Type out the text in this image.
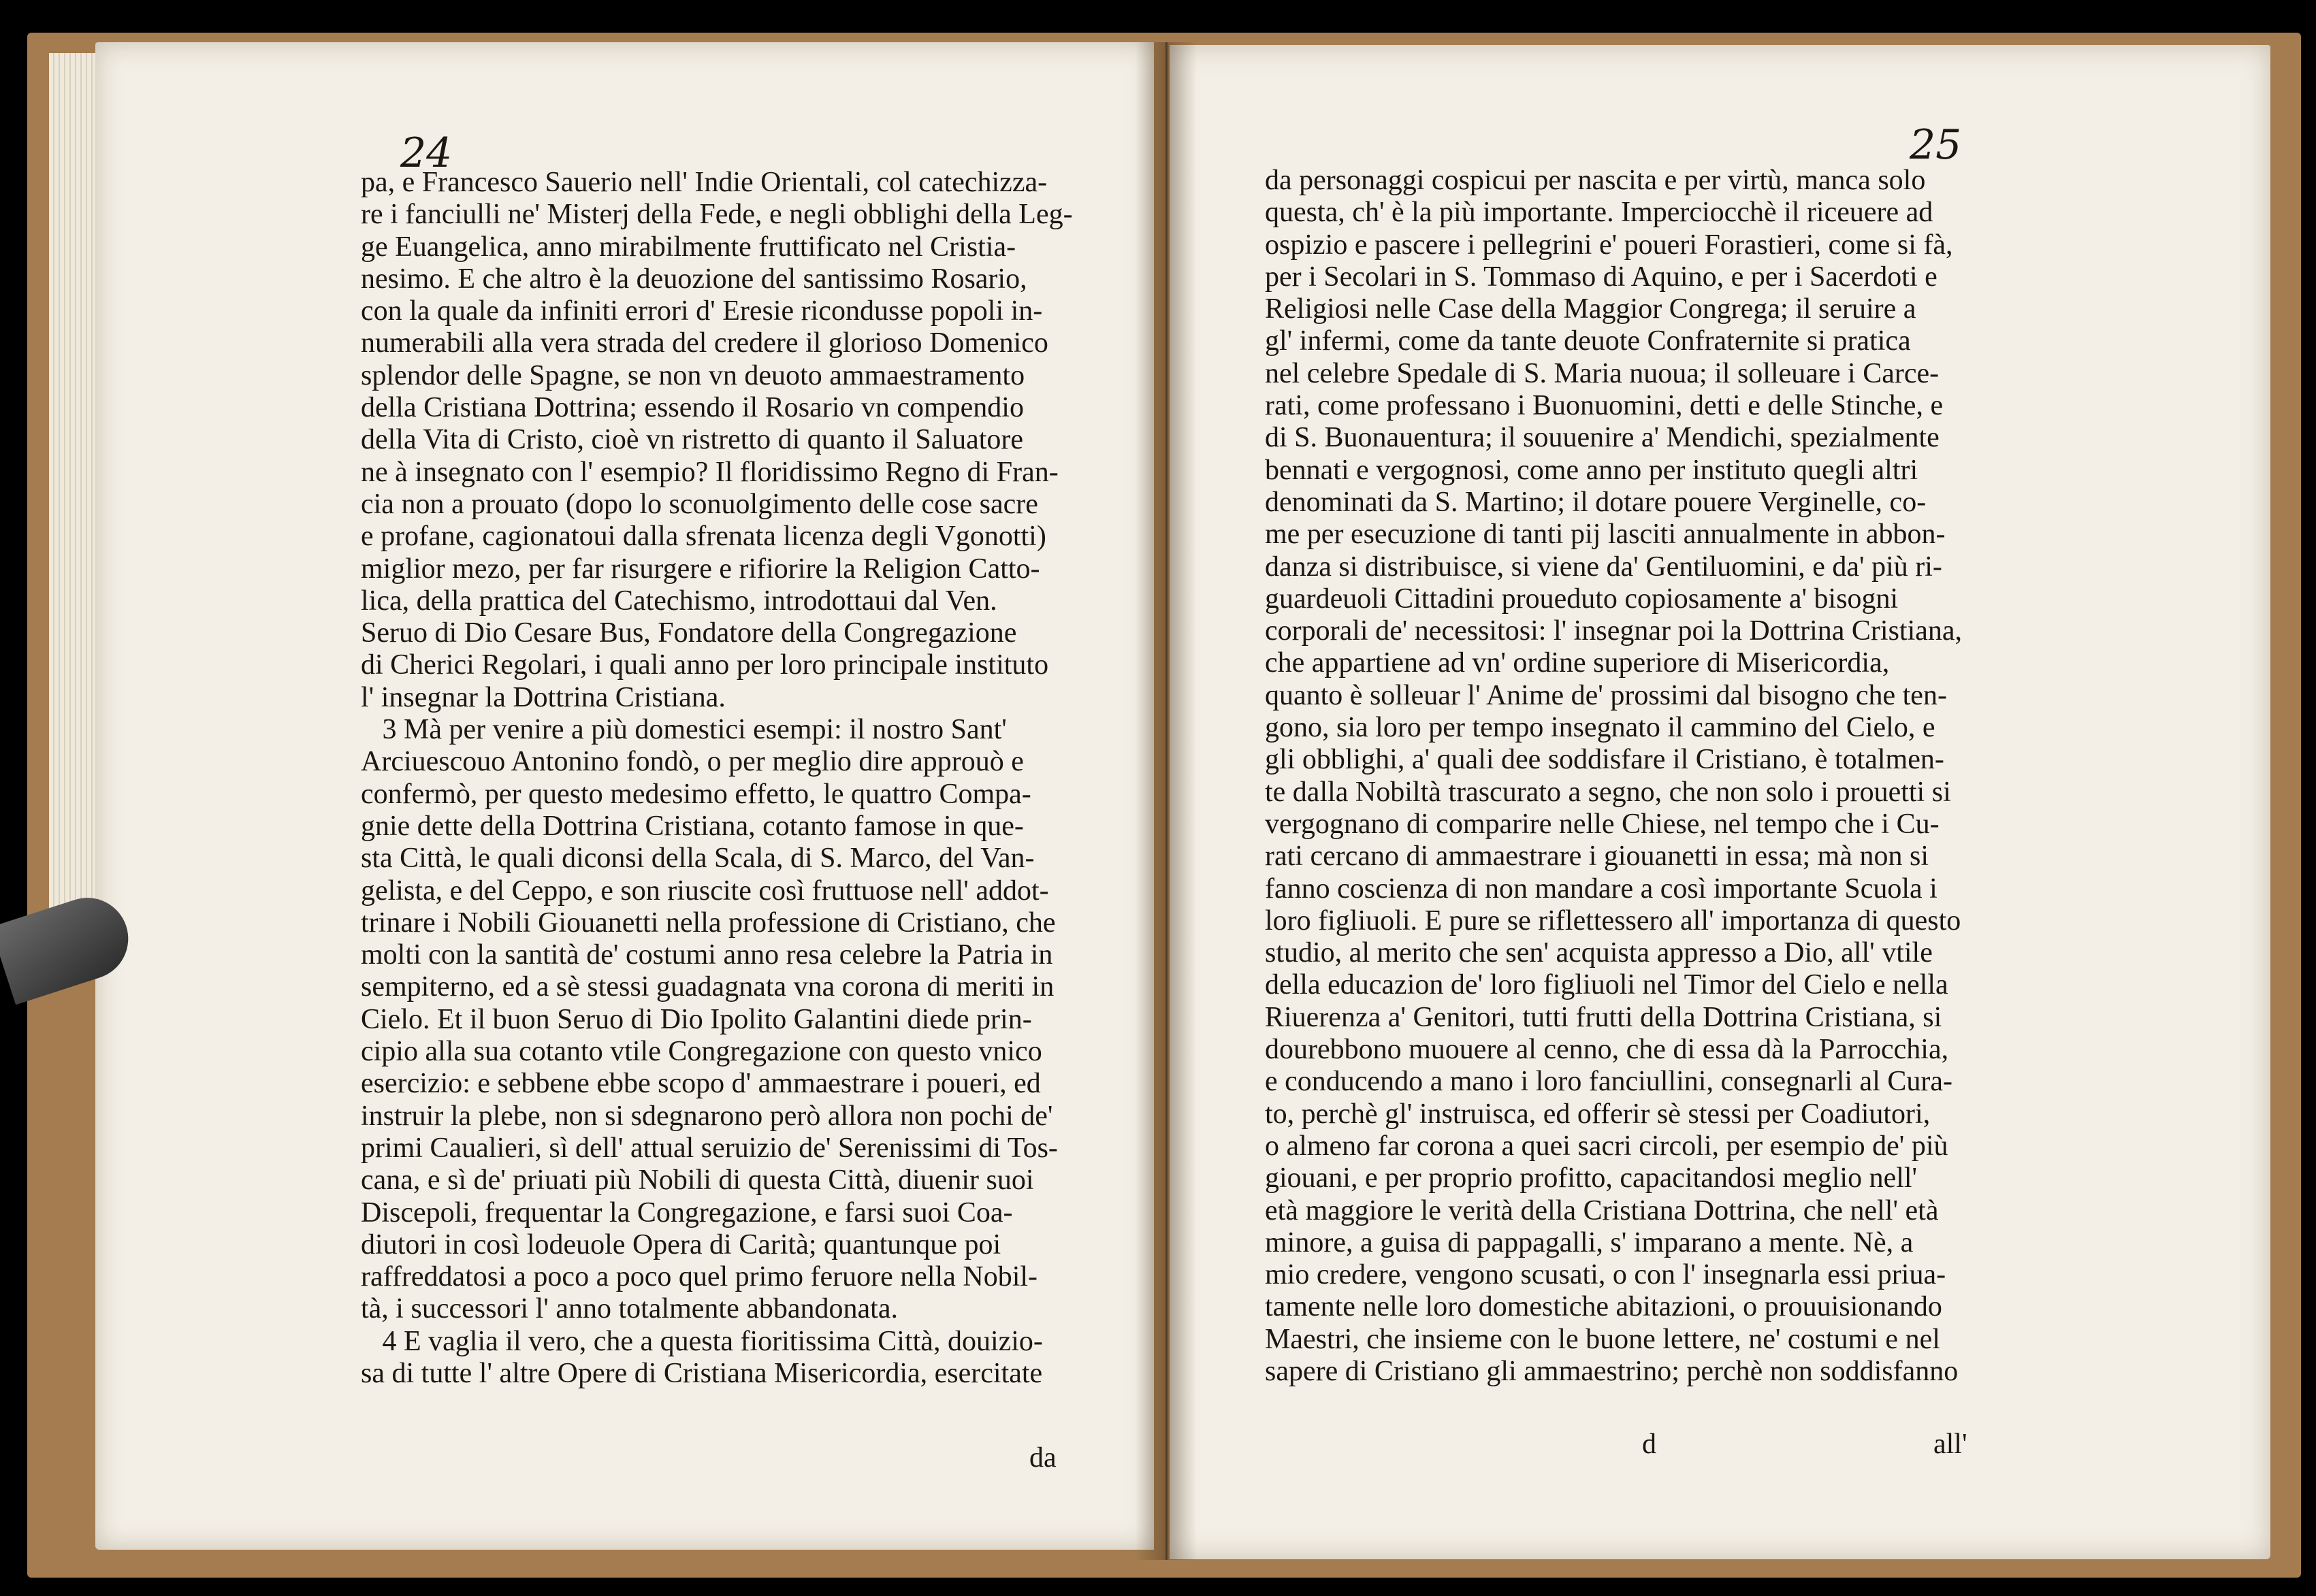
24	25
pa, e Francesco Sauerio nell' Indie Orientali, col catechizza-
re i fanciulli ne' Misterj della Fede, e negli obblighi della Leg-
ge Euangelica, anno mirabilmente fruttificato nel Cristia-
nesimo. E che altro è la deuozione del santissimo Rosario,
con la quale da infiniti errori d' Eresie ricondusse popoli in-
numerabili alla vera strada del credere il glorioso Domenico
splendor delle Spagne, se non vn deuoto ammaestramento
della Cristiana Dottrina; essendo il Rosario vn compendio
della Vita di Cristo, cioè vn ristretto di quanto il Saluatore
ne à insegnato con l' esempio? Il floridissimo Regno di Fran-
cia non a prouato (dopo lo sconuolgimento delle cose sacre
e profane, cagionatoui dalla sfrenata licenza degli Vgonotti)
miglior mezo, per far risurgere e rifiorire la Religion Catto-
lica, della prattica del Catechismo, introdottaui dal Ven.
Seruo di Dio Cesare Bus, Fondatore della Congregazione
di Cherici Regolari, i quali anno per loro principale instituto
l' insegnar la Dottrina Cristiana.
3 Mà per venire a più domestici esempi: il nostro Sant'
Arciuescouo Antonino fondò, o per meglio dire approuò e
confermò, per questo medesimo effetto, le quattro Compa-
gnie dette della Dottrina Cristiana, cotanto famose in que-
sta Città, le quali diconsi della Scala, di S. Marco, del Van-
gelista, e del Ceppo, e son riuscite così fruttuose nell' addot-
trinare i Nobili Giouanetti nella professione di Cristiano, che
molti con la santità de' costumi anno resa celebre la Patria in
sempiterno, ed a sè stessi guadagnata vna corona di meriti in
Cielo. Et il buon Seruo di Dio Ipolito Galantini diede prin-
cipio alla sua cotanto vtile Congregazione con questo vnico
esercizio: e sebbene ebbe scopo d' ammaestrare i poueri, ed
instruir la plebe, non si sdegnarono però allora non pochi de'
primi Caualieri, sì dell' attual seruizio de' Serenissimi di Tos-
cana, e sì de' priuati più Nobili di questa Città, diuenir suoi
Discepoli, frequentar la Congregazione, e farsi suoi Coa-
diutori in così lodeuole Opera di Carità; quantunque poi
raffreddatosi a poco a poco quel primo feruore nella Nobil-
tà, i successori l' anno totalmente abbandonata.
4 E vaglia il vero, che a questa fioritissima Città, douizio-
sa di tutte l' altre Opere di Cristiana Misericordia, esercitate
da personaggi cospicui per nascita e per virtù, manca solo
questa, ch' è la più importante. Imperciocchè il riceuere ad
ospizio e pascere i pellegrini e' poueri Forastieri, come si fà,
per i Secolari in S. Tommaso di Aquino, e per i Sacerdoti e
Religiosi nelle Case della Maggior Congrega; il seruire a
gl' infermi, come da tante deuote Confraternite si pratica
nel celebre Spedale di S. Maria nuoua; il solleuare i Carce-
rati, come professano i Buonuomini, detti e delle Stinche, e
di S. Buonauentura; il souuenire a' Mendichi, spezialmente
bennati e vergognosi, come anno per instituto quegli altri
denominati da S. Martino; il dotare pouere Verginelle, co-
me per esecuzione di tanti pij lasciti annualmente in abbon-
danza si distribuisce, si viene da' Gentiluomini, e da' più ri-
guardeuoli Cittadini proueduto copiosamente a' bisogni
corporali de' necessitosi: l' insegnar poi la Dottrina Cristiana,
che appartiene ad vn' ordine superiore di Misericordia,
quanto è solleuar l' Anime de' prossimi dal bisogno che ten-
gono, sia loro per tempo insegnato il cammino del Cielo, e
gli obblighi, a' quali dee soddisfare il Cristiano, è totalmen-
te dalla Nobiltà trascurato a segno, che non solo i prouetti si
vergognano di comparire nelle Chiese, nel tempo che i Cu-
rati cercano di ammaestrare i giouanetti in essa; mà non si
fanno coscienza di non mandare a così importante Scuola i
loro figliuoli. E pure se riflettessero all' importanza di questo
studio, al merito che sen' acquista appresso a Dio, all' vtile
della educazion de' loro figliuoli nel Timor del Cielo e nella
Riuerenza a' Genitori, tutti frutti della Dottrina Cristiana, si
dourebbono muouere al cenno, che di essa dà la Parrocchia,
e conducendo a mano i loro fanciullini, consegnarli al Cura-
to, perchè gl' instruisca, ed offerir sè stessi per Coadiutori,
o almeno far corona a quei sacri circoli, per esempio de' più
giouani, e per proprio profitto, capacitandosi meglio nell'
età maggiore le verità della Cristiana Dottrina, che nell' età
minore, a guisa di pappagalli, s' imparano a mente. Nè, a
mio credere, vengono scusati, o con l' insegnarla essi priua-
tamente nelle loro domestiche abitazioni, o prouuisionando
Maestri, che insieme con le buone lettere, ne' costumi e nel
sapere di Cristiano gli ammaestrino; perchè non soddisfanno
da	d	all'
